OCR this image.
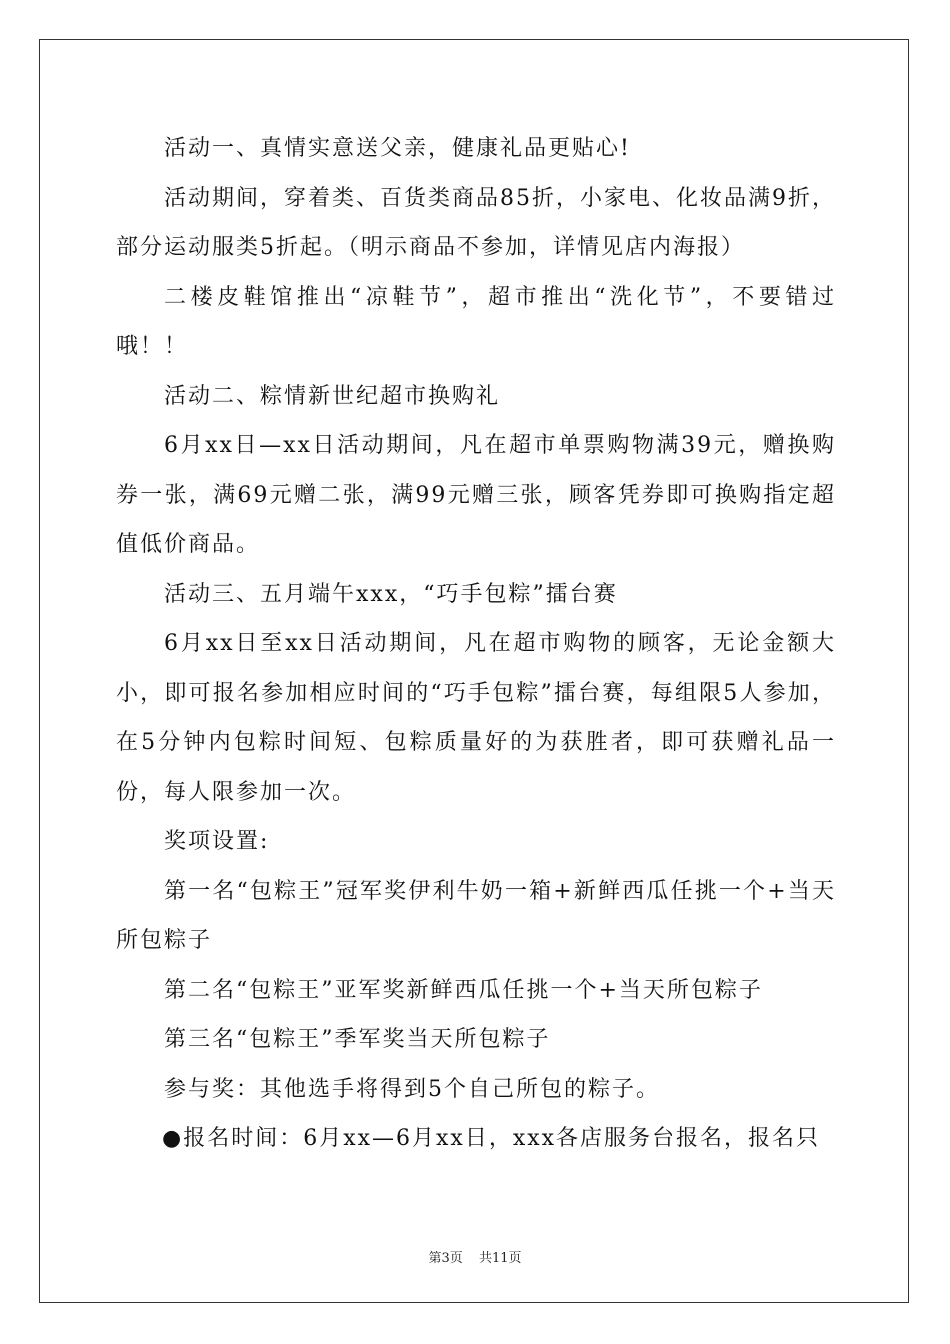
活动一、真情实意送父亲，健康礼品更贴心!

活动期间，穿着类、百货类商品85折，小家电、化妆品满9折，部分运动服类5折起。（明示商品不参加，详情见店内海报）

二楼皮鞋馆推出“凉鞋节”，超市推出“洗化节”，不要错过哦！！

活动二、粽情新世纪超市换购礼

6月xx日—xx日活动期间，凡在超市单票购物满39元，赠换购券一张，满69元赠二张，满99元赠三张，顾客凭券即可换购指定超值低价商品。

活动三、五月端午xxx，“巧手包粽”擂台赛

6月xx日至xx日活动期间，凡在超市购物的顾客，无论金额大小，即可报名参加相应时间的“巧手包粽”擂台赛，每组限5人参加，在5分钟内包粽时间短、包粽质量好的为获胜者，即可获赠礼品一份，每人限参加一次。

奖项设置:

第一名“包粽王”冠军奖伊利牛奶一箱+新鲜西瓜任挑一个+当天所包粽子

第二名“包粽王”亚军奖新鲜西瓜任挑一个+当天所包粽子

第三名“包粽王”季军奖当天所包粽子

参与奖：其他选手将得到5个自己所包的粽子。

●报名时间：6月xx—6月xx日，xxx各店服务台报名，报名只

第3页 共11页
